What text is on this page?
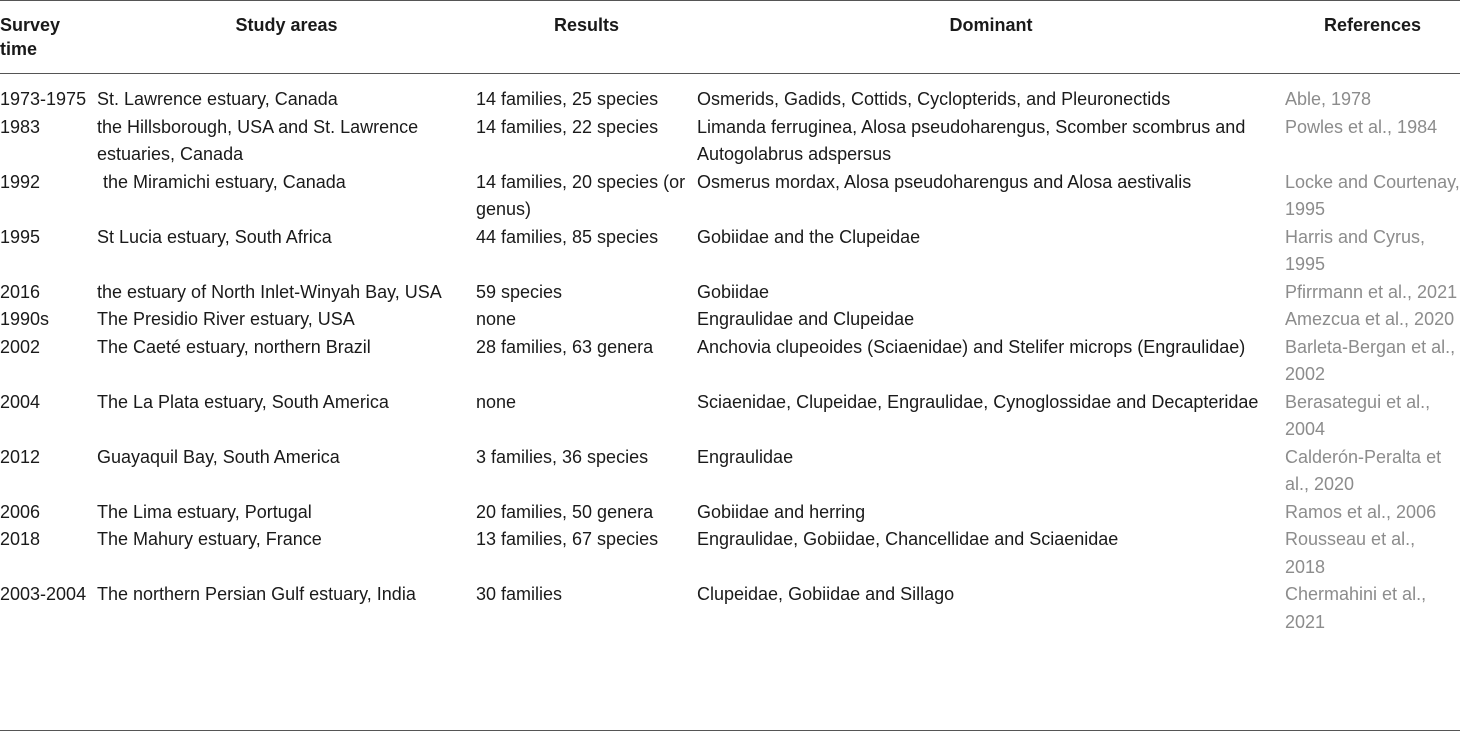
Survey time	Study areas	Results	Dominant	References
1973-1975	St. Lawrence estuary, Canada	14 families, 25 species	Osmerids, Gadids, Cottids, Cyclopterids, and Pleuronectids	Able, 1978
1983	the Hillsborough, USA and St. Lawrence estuaries, Canada	14 families, 22 species	Limanda ferruginea, Alosa pseudoharengus, Scomber scombrus and Autogolabrus adspersus	Powles et al., 1984
1992	the Miramichi estuary, Canada	14 families, 20 species (or genus)	Osmerus mordax, Alosa pseudoharengus and Alosa aestivalis	Locke and Courtenay, 1995
1995	St Lucia estuary, South Africa	44 families, 85 species	Gobiidae and the Clupeidae	Harris and Cyrus, 1995
2016	the estuary of North Inlet-Winyah Bay, USA	59 species	Gobiidae	Pfirrmann et al., 2021
1990s	The Presidio River estuary, USA	none	Engraulidae and Clupeidae	Amezcua et al., 2020
2002	The Caeté estuary, northern Brazil	28 families, 63 genera	Anchovia clupeoides (Sciaenidae) and Stelifer microps (Engraulidae)	Barleta-Bergan et al., 2002
2004	The La Plata estuary, South America	none	Sciaenidae, Clupeidae, Engraulidae, Cynoglossidae and Decapteridae	Berasategui et al., 2004
2012	Guayaquil Bay, South America	3 families, 36 species	Engraulidae	Calderón-Peralta et al., 2020
2006	The Lima estuary, Portugal	20 families, 50 genera	Gobiidae and herring	Ramos et al., 2006
2018	The Mahury estuary, France	13 families, 67 species	Engraulidae, Gobiidae, Chancellidae and Sciaenidae	Rousseau et al., 2018
2003-2004	The northern Persian Gulf estuary, India	30 families	Clupeidae, Gobiidae and Sillago	Chermahini et al., 2021
